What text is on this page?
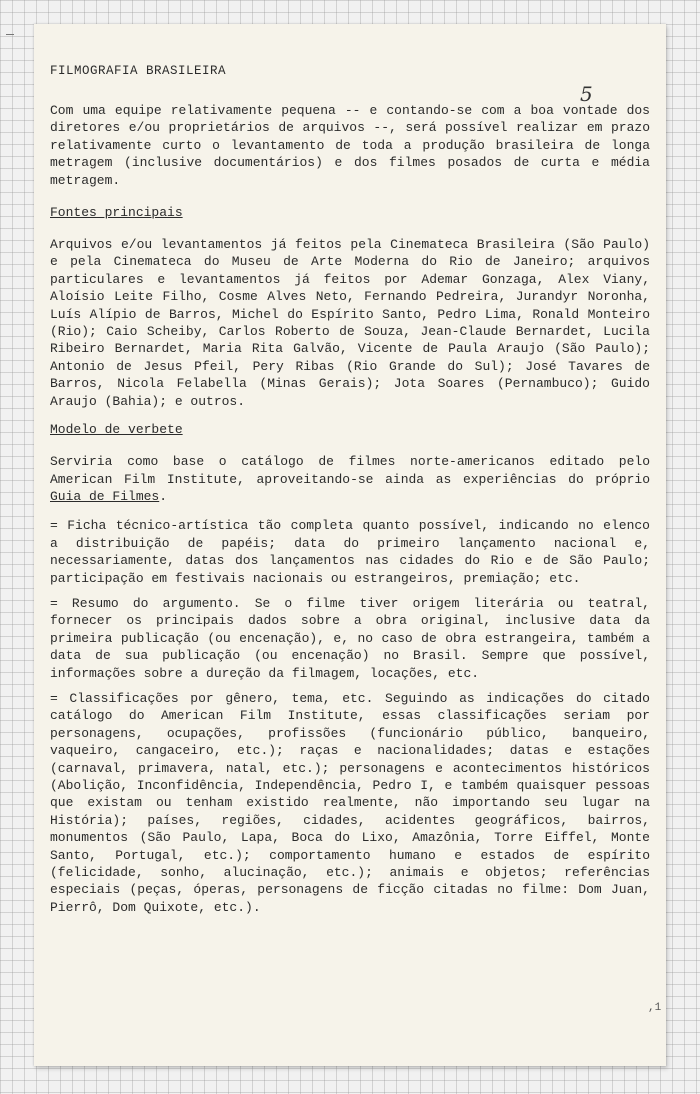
5

FILMOGRAFIA BRASILEIRA

Com uma equipe relativamente pequena -- e contando-se com a boa vontade dos diretores e/ou proprietários de arquivos --, será possível realizar em prazo relativamente curto o levantamento de toda a produção brasileira de longa metragem (inclusive documentários) e dos filmes posados de curta e média metragem.

Fontes principais

Arquivos e/ou levantamentos já feitos pela Cinemateca Brasileira (São Paulo) e pela Cinemateca do Museu de Arte Moderna do Rio de Janeiro; arquivos particulares e levantamentos já feitos por Ademar Gonzaga, Alex Viany, Aloísio Leite Filho, Cosme Alves Neto, Fernando Pedreira, Jurandyr Noronha, Luís Alípio de Barros, Michel do Espírito Santo, Pedro Lima, Ronald Monteiro (Rio); Caio Scheiby, Carlos Roberto de Souza, Jean-Claude Bernardet, Lucila Ribeiro Bernardet, Maria Rita Galvão, Vicente de Paula Araujo (São Paulo); Antonio de Jesus Pfeil, Pery Ribas (Rio Grande do Sul); José Tavares de Barros, Nicola Felabella (Minas Gerais); Jota Soares (Pernambuco); Guido Araujo (Bahia); e outros.

Modelo de verbete

Serviria como base o catálogo de filmes norte-americanos editado pelo American Film Institute, aproveitando-se ainda as experiências do próprio Guia de Filmes.

= Ficha técnico-artística tão completa quanto possível, indicando no elenco a distribuição de papéis; data do primeiro lançamento nacional e, necessariamente, datas dos lançamentos nas cidades do Rio e de São Paulo; participação em festivais nacionais ou estrangeiros, premiação; etc.

= Resumo do argumento. Se o filme tiver origem literária ou teatral, fornecer os principais dados sobre a obra original, inclusive data da primeira publicação (ou encenação), e, no caso de obra estrangeira, também a data de sua publicação (ou encenação) no Brasil. Sempre que possível, informações sobre a dureção da filmagem, locações, etc.

= Classificações por gênero, tema, etc. Seguindo as indicações do citado catálogo do American Film Institute, essas classificações seriam por personagens, ocupações, profissões (funcionário público, banqueiro, vaqueiro, cangaceiro, etc.); raças e nacionalidades; datas e estações (carnaval, primavera, natal, etc.); personagens e acontecimentos históricos (Abolição, Inconfidência, Independência, Pedro I, e também quaisquer pessoas que existam ou tenham existido realmente, não importando seu lugar na História); países, regiões, cidades, acidentes geográficos, bairros, monumentos (São Paulo, Lapa, Boca do Lixo, Amazônia, Torre Eiffel, Monte Santo, Portugal, etc.); comportamento humano e estados de espírito (felicidade, sonho, alucinação, etc.); animais e objetos; referências especiais (peças, óperas, personagens de ficção citadas no filme: Dom Juan, Pierrô, Dom Quixote, etc.).

,1
